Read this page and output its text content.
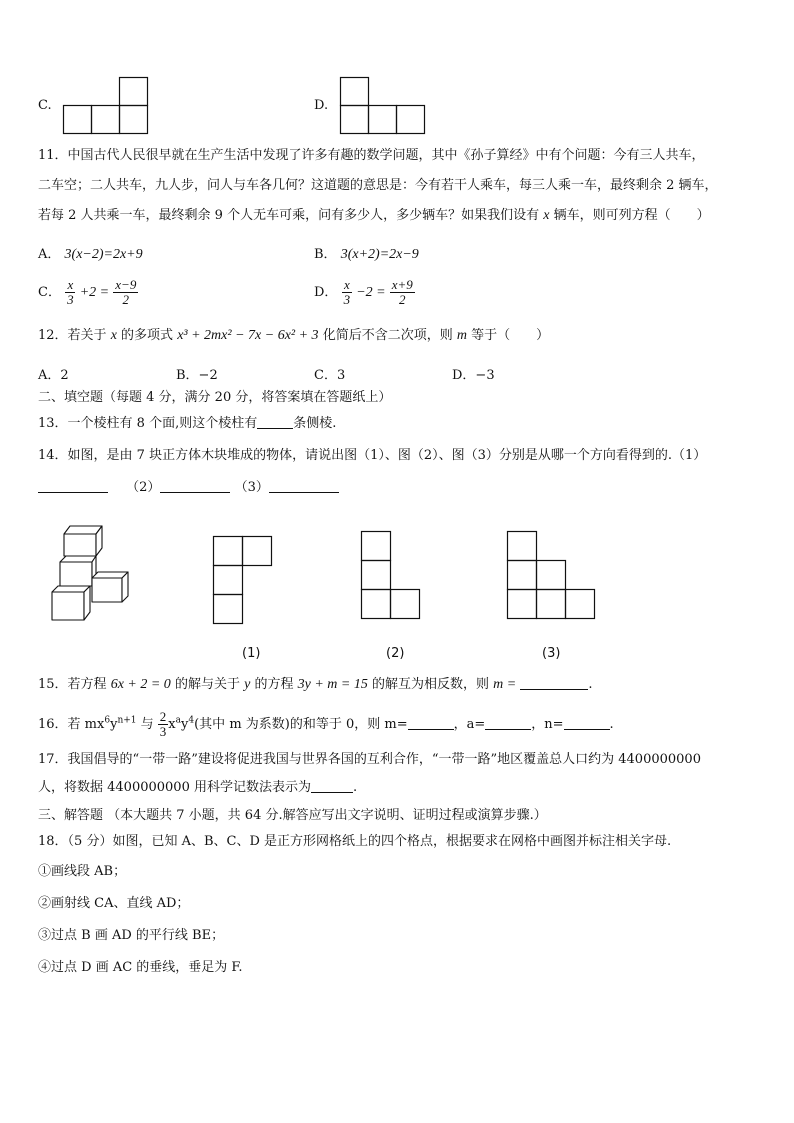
C.	D.
11．中国古代人民很早就在生产生活中发现了许多有趣的数学问题，其中《孙子算经》中有个问题：今有三人共车，
二车空；二人共车，九人步，问人与车各几何？这道题的意思是：今有若干人乘车，每三人乘一车，最终剩余 2 辆车，
若每 2 人共乘一车，最终剩余 9 个人无车可乘，问有多少人，多少辆车？如果我们设有 x 辆车，则可列方程（　　）
A． 3(x−2)=2x+9	B． 3(x+2)=2x−9
C． $\frac{x}{3} +2 = \frac{x-9}{2}$	D． $\frac{x}{3} -2 = \frac{x+9}{2}$
12．若关于 x 的多项式 x³ + 2mx² − 7x − 6x² + 3 化简后不含二次项，则 m 等于（　　）
A．2	B．−2	C．3	D．−3
二、填空题（每题 4 分，满分 20 分，将答案填在答题纸上）
13．一个棱柱有 8 个面,则这个棱柱有	条侧棱.
14．如图，是由 7 块正方体木块堆成的物体，请说出图（1）、图（2）、图（3）分别是从哪一个方向看得到的.（1）
（2）	（3）
(1)	(2)	(3)
15．若方程 6x + 2 = 0 的解与关于 y 的方程 3y + m = 15 的解互为相反数，则 m =	.
16．若 $mx^6y^{n+1}$ 与 $\frac{2}{3} x^ay^4$(其中 m 为系数)的和等于 0，则 m=	，a=	，n=	.
17．我国倡导的“一带一路”建设将促进我国与世界各国的互利合作，“一带一路”地区覆盖总人口约为 4400000000
人，将数据 4400000000 用科学记数法表示为	.
三、解答题 （本大题共 7 小题，共 64 分.解答应写出文字说明、证明过程或演算步骤.）
18．（5 分）如图，已知 A、B、C、D 是正方形网格纸上的四个格点，根据要求在网格中画图并标注相关字母.
①画线段 AB；
②画射线 CA、直线 AD；
③过点 B 画 AD 的平行线 BE；
④过点 D 画 AC 的垂线，垂足为 F.
